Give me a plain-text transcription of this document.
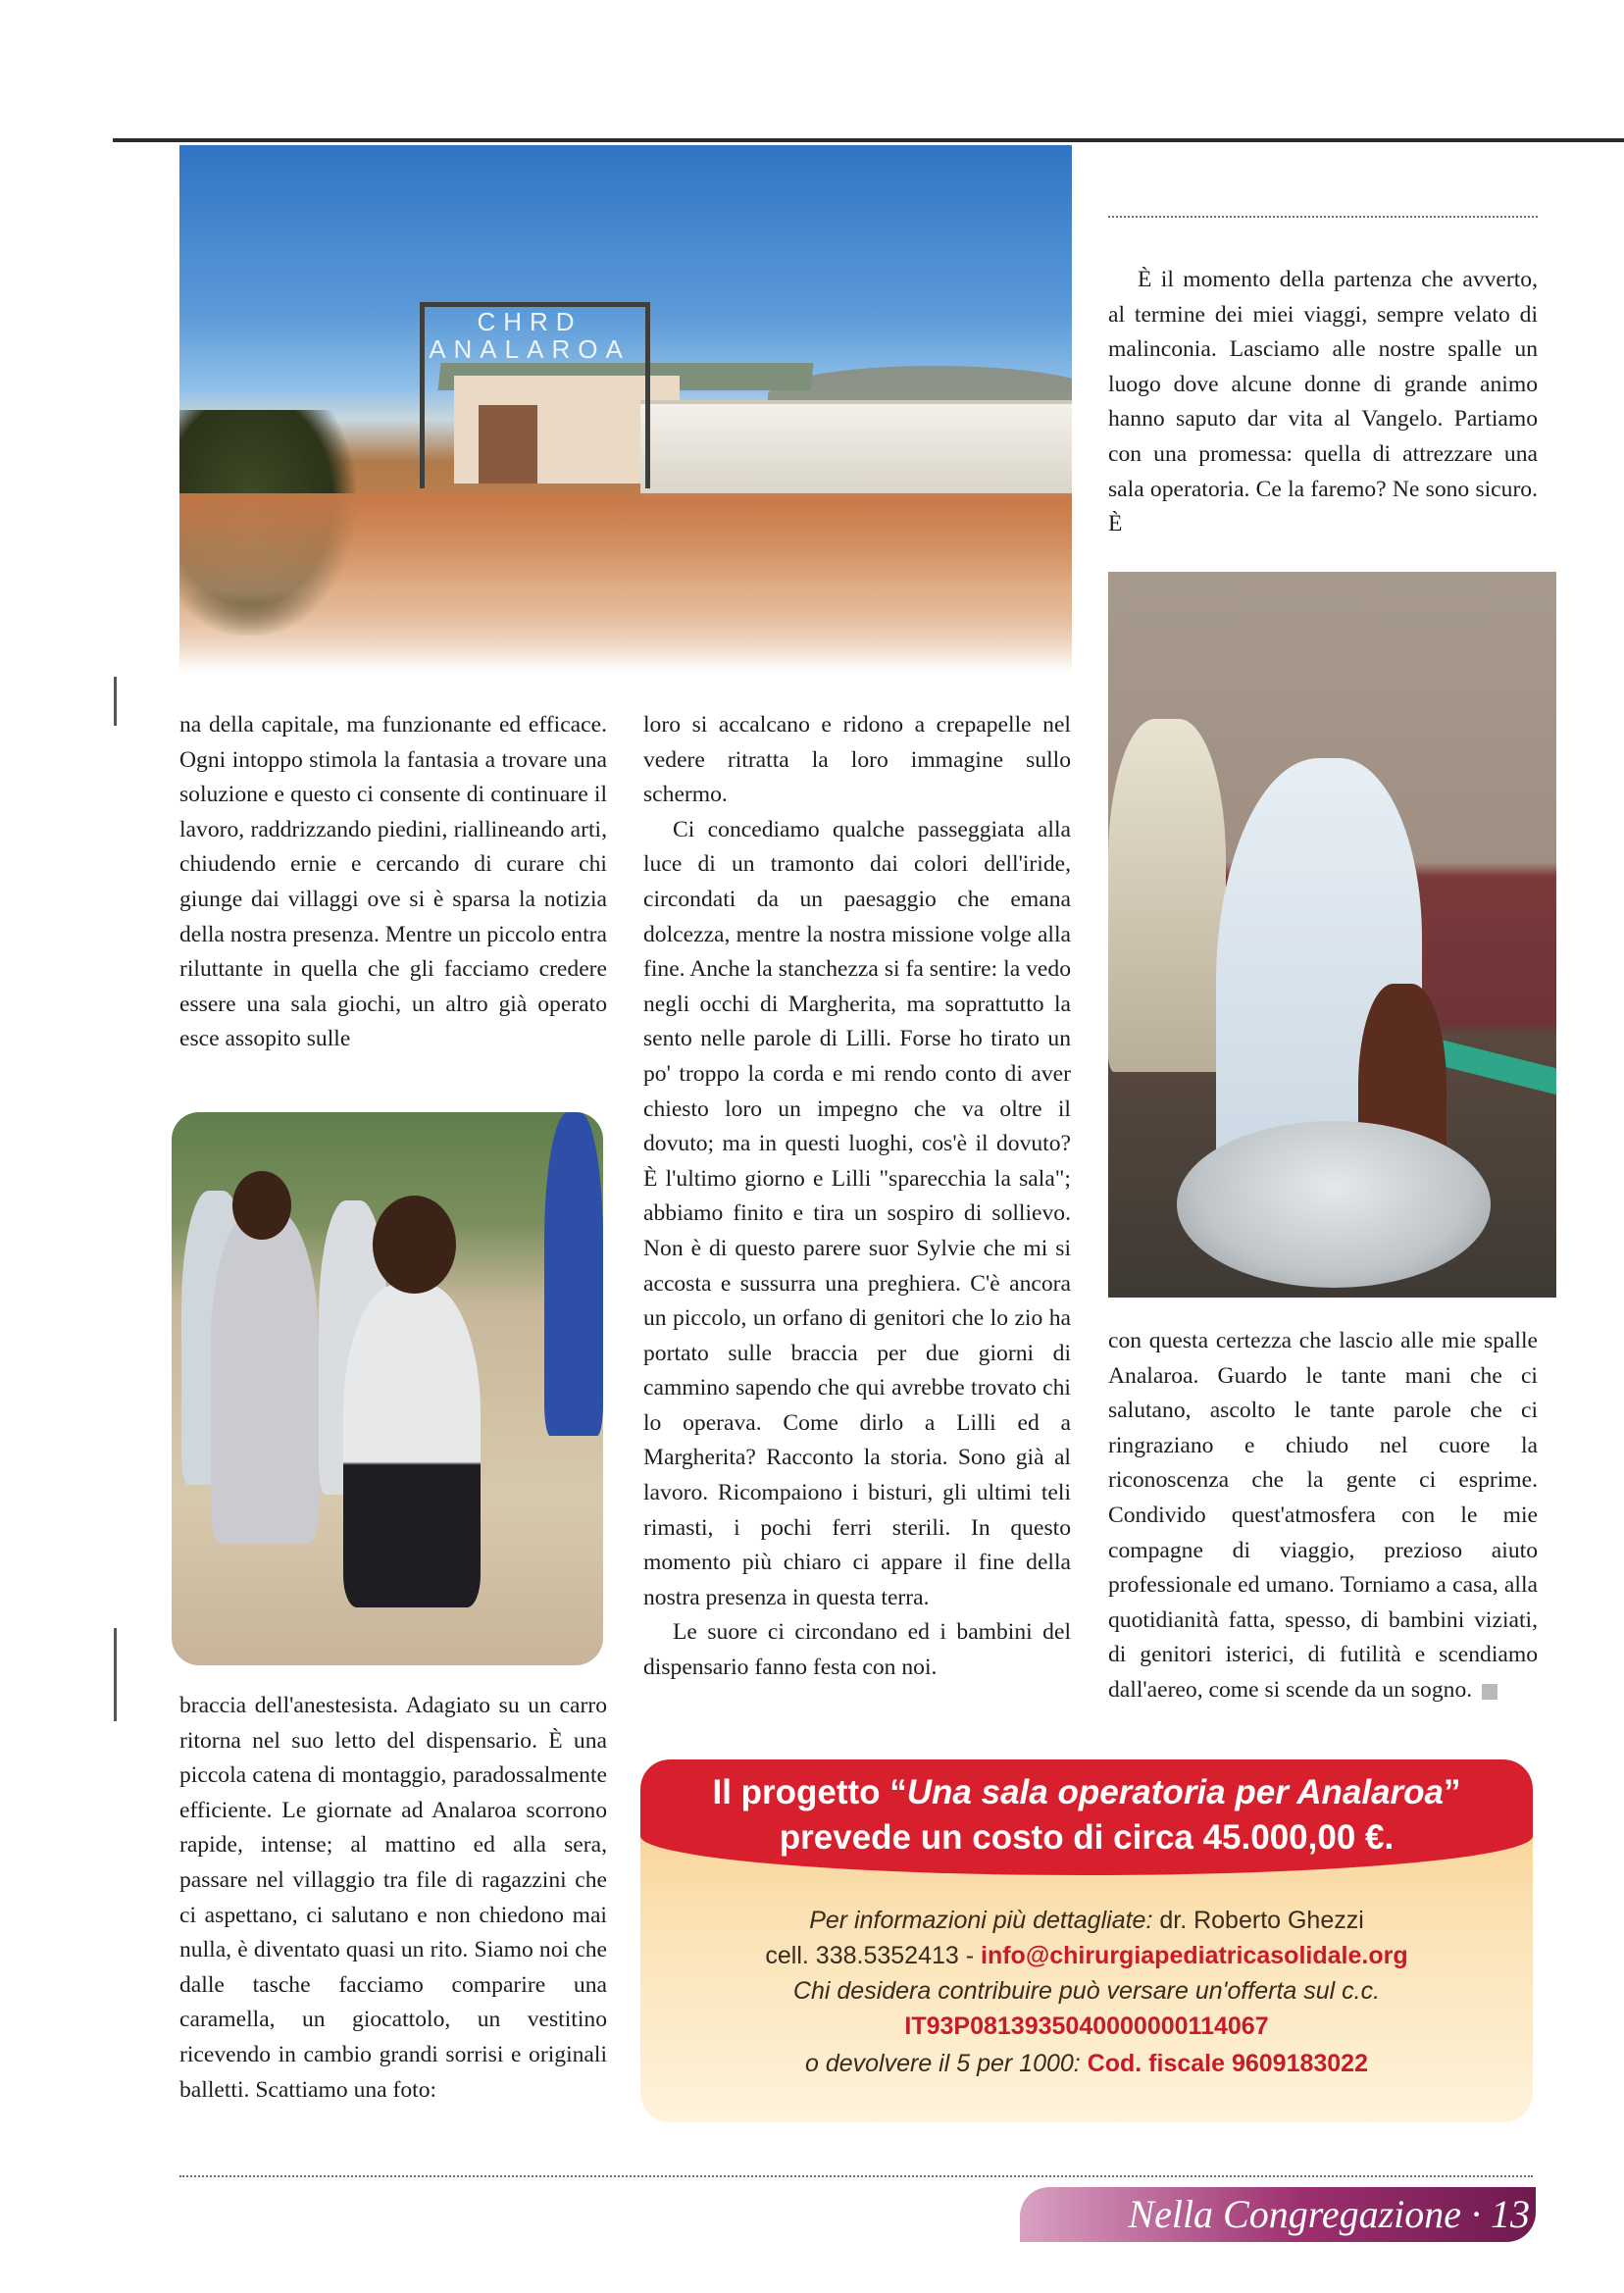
CHRD
ANALAROA

È il momento della partenza che avverto, al termine dei miei viaggi, sempre velato di malinconia. Lasciamo alle nostre spalle un luogo dove alcune donne di grande animo hanno saputo dar vita al Vangelo. Partiamo con una promessa: quella di attrezzare una sala operatoria. Ce la faremo? Ne sono sicuro. È

con questa certezza che lascio alle mie spalle Analaroa. Guardo le tante mani che ci salutano, ascolto le tante parole che ci ringraziano e chiudo nel cuore la riconoscenza che la gente ci esprime. Condivido quest'atmosfera con le mie compagne di viaggio, prezioso aiuto professionale ed umano. Torniamo a casa, alla quotidianità fatta, spesso, di bambini viziati, di genitori isterici, di futilità e scendiamo dall'aereo, come si scende da un sogno.

na della capitale, ma funzionante ed efficace. Ogni intoppo stimola la fantasia a trovare una soluzione e questo ci consente di continuare il lavoro, raddrizzando piedini, riallineando arti, chiudendo ernie e cercando di curare chi giunge dai villaggi ove si è sparsa la notizia della nostra presenza. Mentre un piccolo entra riluttante in quella che gli facciamo credere essere una sala giochi, un altro già operato esce assopito sulle

braccia dell'anestesista. Adagiato su un carro ritorna nel suo letto del dispensario. È una piccola catena di montaggio, paradossalmente efficiente. Le giornate ad Analaroa scorrono rapide, intense; al mattino ed alla sera, passare nel villaggio tra file di ragazzini che ci aspettano, ci salutano e non chiedono mai nulla, è diventato quasi un rito. Siamo noi che dalle tasche facciamo comparire una caramella, un giocattolo, un vestitino ricevendo in cambio grandi sorrisi e originali balletti. Scattiamo una foto:

loro si accalcano e ridono a crepapelle nel vedere ritratta la loro immagine sullo schermo.

Ci concediamo qualche passeggiata alla luce di un tramonto dai colori dell'iride, circondati da un paesaggio che emana dolcezza, mentre la nostra missione volge alla fine. Anche la stanchezza si fa sentire: la vedo negli occhi di Margherita, ma soprattutto la sento nelle parole di Lilli. Forse ho tirato un po' troppo la corda e mi rendo conto di aver chiesto loro un impegno che va oltre il dovuto; ma in questi luoghi, cos'è il dovuto? È l'ultimo giorno e Lilli "sparecchia la sala"; abbiamo finito e tira un sospiro di sollievo. Non è di questo parere suor Sylvie che mi si accosta e sussurra una preghiera. C'è ancora un piccolo, un orfano di genitori che lo zio ha portato sulle braccia per due giorni di cammino sapendo che qui avrebbe trovato chi lo operava. Come dirlo a Lilli ed a Margherita? Racconto la storia. Sono già al lavoro. Ricompaiono i bisturi, gli ultimi teli rimasti, i pochi ferri sterili. In questo momento più chiaro ci appare il fine della nostra presenza in questa terra.

Le suore ci circondano ed i bambini del dispensario fanno festa con noi.

Il progetto “Una sala operatoria per Analaroa”
prevede un costo di circa 45.000,00 €.
Per informazioni più dettagliate: dr. Roberto Ghezzi
cell. 338.5352413 - info@chirurgiapediatricasolidale.org
Chi desidera contribuire può versare un'offerta sul c.c.
IT93P0813935040000000114067
o devolvere il 5 per 1000: Cod. fiscale 9609183022
Nella Congregazione · 13
